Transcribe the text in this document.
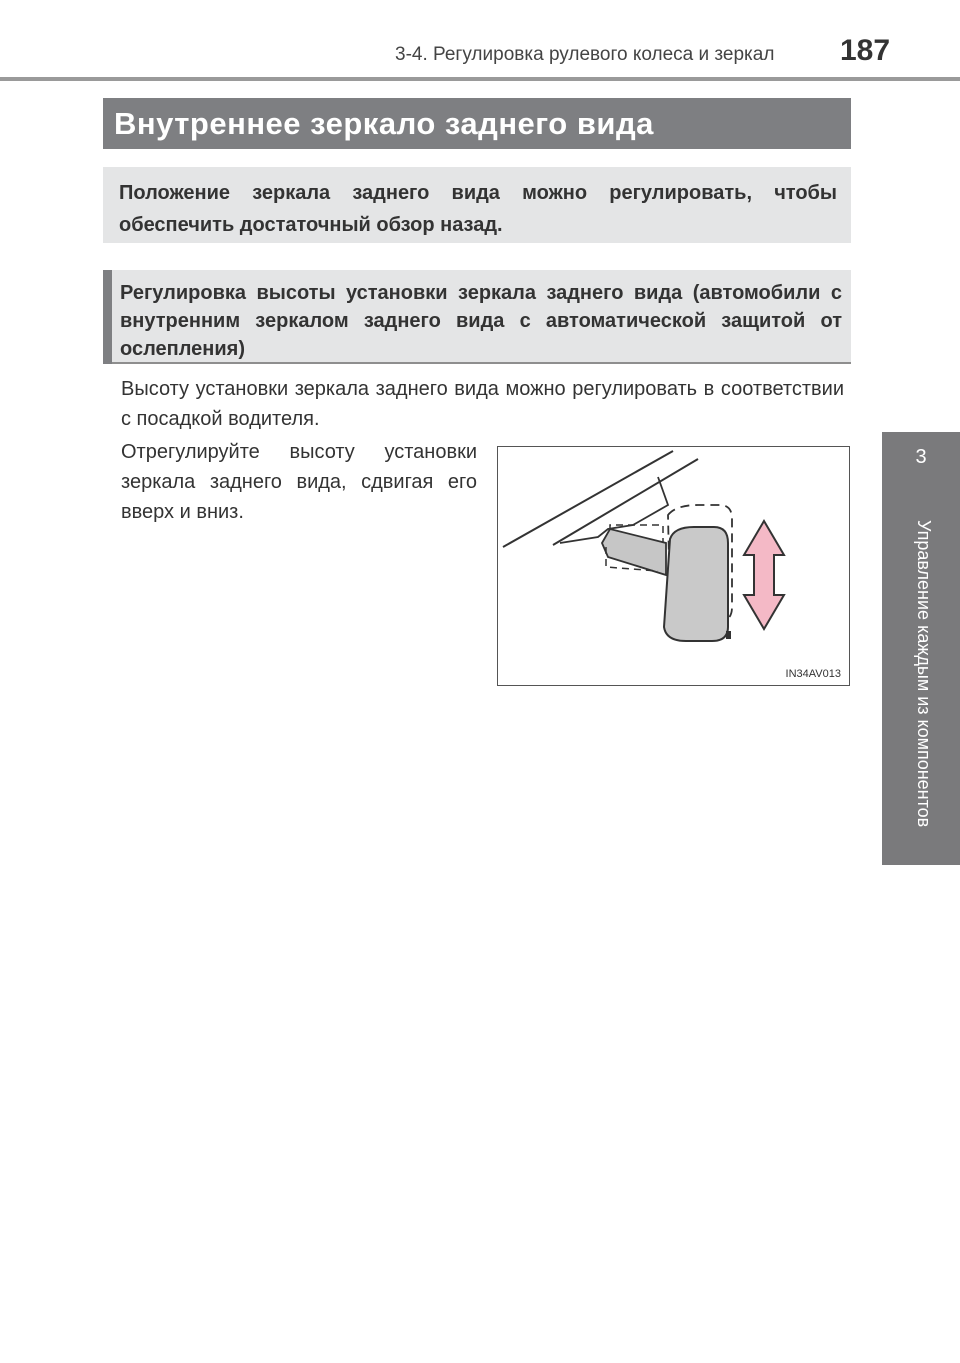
3-4. Регулировка рулевого колеса и зеркал 187
3
Управление каждым из компонентов
Внутреннее зеркало заднего вида
Положение зеркала заднего вида можно регулировать, чтобы обеспечить достаточный обзор назад.
Регулировка высоты установки зеркала заднего вида (автомобили с внутренним зеркалом заднего вида с автоматической защитой от ослепления)
Высоту установки зеркала заднего вида можно регулировать в соответствии с посадкой водителя.
Отрегулируйте высоту установки зеркала заднего вида, сдвигая его вверх и вниз.
IN34AV013
